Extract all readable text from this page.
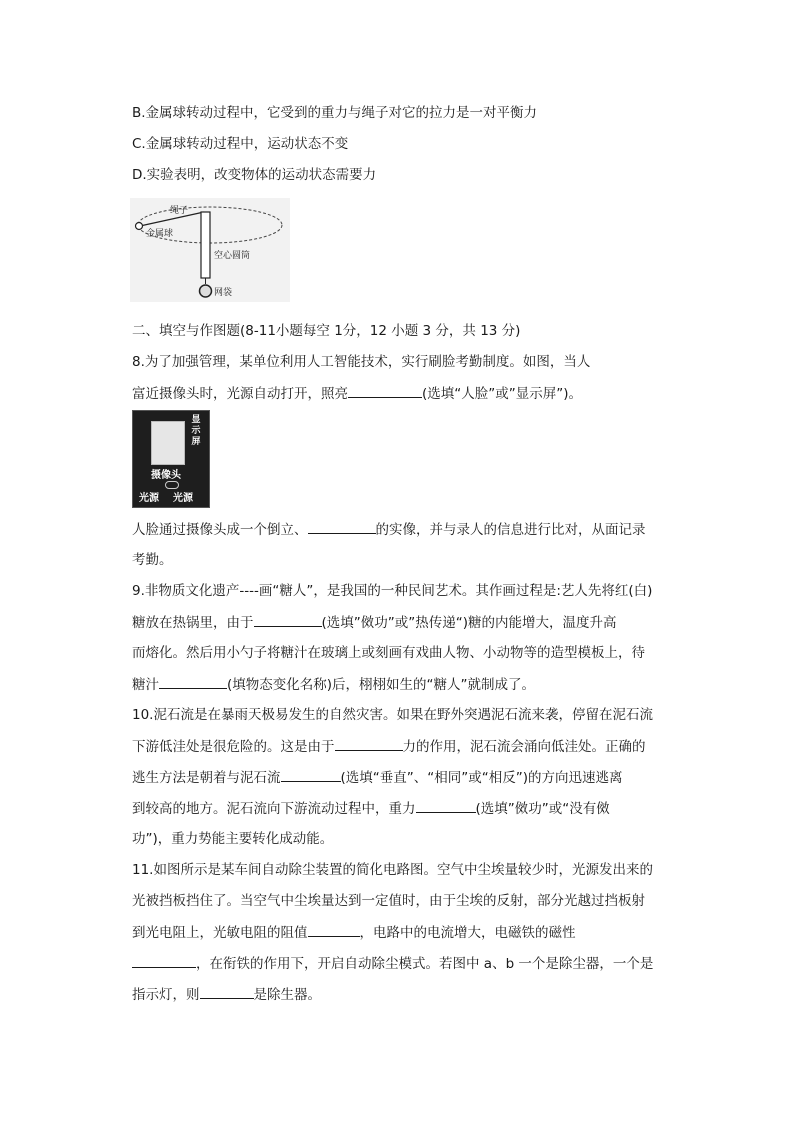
B.金属球转动过程中，它受到的重力与绳子对它的拉力是一对平衡力
C.金属球转动过程中，运动状态不变
D.实验表明，改变物体的运动状态需要力
绳子
金属球
空心圆筒
网袋
二、填空与作图题(8-11小题每空 1分，12 小题 3 分，共 13 分)
8.为了加强管理，某单位利用人工智能技术，实行刷脸考勤制度。如图，当人
富近摄像头时，光源自动打开，照亮	(选填“人脸”或”显示屏”)。
显示屏
摄像头
光源 光源
人脸通过摄像头成一个倒立、	的实像，并与录人的信息进行比对，从面记录
考勤。
9.非物质文化遗产----画“糖人”，是我国的一种民间艺术。其作画过程是:艺人先将红(白)
糖放在热锅里，由于	(选填”傚功”或”热传递“)糖的内能增大，温度升高
而熔化。然后用小勺子将糖汁在玻璃上或刻画有戏曲人物、小动物等的造型模板上，待
糖汁	(填物态变化名称)后，栩栩如生的“糖人”就制成了。
10.泥石流是在暴雨天极易发生的自然灾害。如果在野外突遇泥石流来袭，停留在泥石流
下游低洼处是很危险的。这是由于	力的作用，泥石流会涌向低洼处。正确的
逃生方法是朝着与泥石流	(选填“垂直”、“相同”或“相反”)的方向迅速逃离
到较高的地方。泥石流向下游流动过程中，重力	(选填”傚功”或“没有傚
功”)，重力势能主要转化成动能。
11.如图所示是某车间自动除尘装置的简化电路图。空气中尘埃量较少时，光源发出来的
光被挡板挡住了。当空气中尘埃量达到一定值时，由于尘埃的反射，部分光越过挡板射
到光电阻上，光敏电阻的阻值	，电路中的电流增大，电磁铁的磁性
，在衔铁的作用下，开启自动除尘模式。若图中 a、b 一个是除尘器，一个是
指示灯，则	是除生器。
